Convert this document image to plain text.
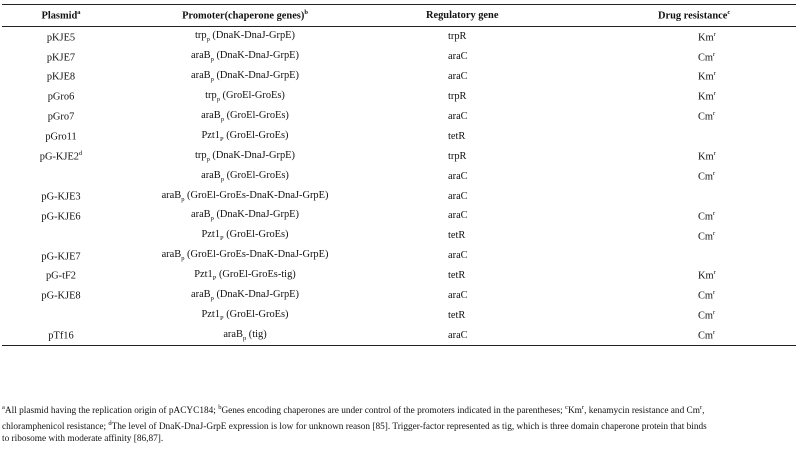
Plasmid$^a$	Promoter(chaperone genes)$^b$	Regulatory gene	Drug resistance$^c$
pKJE5	trp$_p$ (DnaK-DnaJ-GrpE)	trpR	Km$^r$
pKJE7	araB$_p$ (DnaK-DnaJ-GrpE)	araC	Cm$^r$
pKJE8	araB$_p$ (DnaK-DnaJ-GrpE)	araC	Km$^r$
pGro6	trp$_p$ (GroEl-GroEs)	trpR	Km$^r$
pGro7	araB$_p$ (GroEl-GroEs)	araC	Cm$^r$
pGro11	$Pzt1_P$ (GroEl-GroEs)	tetR	
pG-KJE2$^d$	trp$_p$ (DnaK-DnaJ-GrpE)	trpR	Km$^r$
	araB$_p$ (GroEl-GroEs)	araC	Cm$^r$
pG-KJE3	araB$_p$ (GroEl-GroEs-DnaK-DnaJ-GrpE)	araC	
pG-KJE6	araB$_p$ (DnaK-DnaJ-GrpE)	araC	Cm$^r$
	$Pzt1_P$ (GroEl-GroEs)	tetR	Cm$^r$
pG-KJE7	araB$_p$ (GroEl-GroEs-DnaK-DnaJ-GrpE)	araC	
pG-tF2	$Pzt1_P$ (GroEl-GroEs-tig)	tetR	Km$^r$
pG-KJE8	araB$_p$ (DnaK-DnaJ-GrpE)	araC	Cm$^r$
	$Pzt1_P$ (GroEl-GroEs)	tetR	Cm$^r$
pTf16	araB$_p$ (tig)	araC	Cm$^r$
$^a$All plasmid having the replication origin of pACYC184; $^b$Genes encoding chaperones are under control of the promoters indicated in the parentheses; $^c$Km$^r$, kenamycin resistance and Cm$^r$, chloramphenicol resistance; $^d$The level of DnaK-DnaJ-GrpE expression is low for unknown reason [85]. Trigger-factor represented as tig, which is three domain chaperone protein that binds to ribosome with moderate affinity [86,87].
